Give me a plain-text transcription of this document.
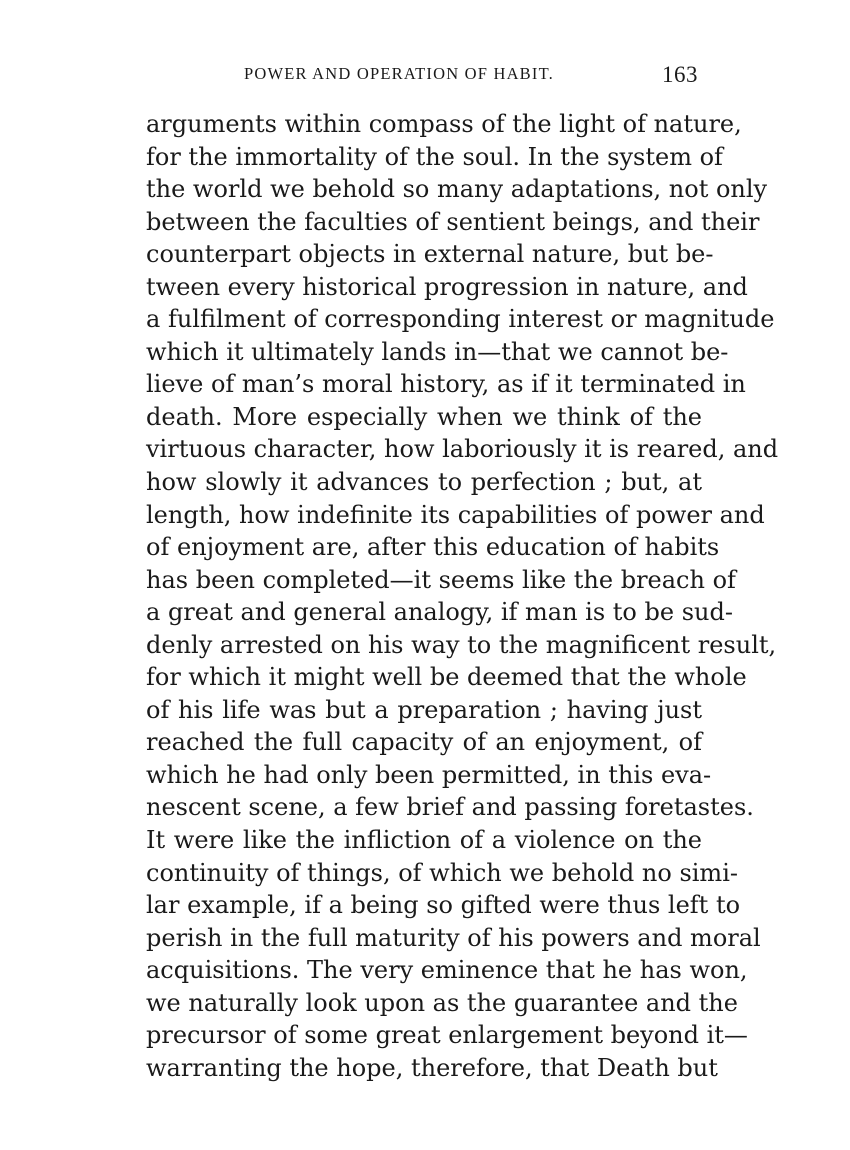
POWER AND OPERATION OF HABIT.	163
arguments within compass of the light of nature,
for the immortality of the soul. In the system of
the world we behold so many adaptations, not only
between the faculties of sentient beings, and their
counterpart objects in external nature, but be-
tween every historical progression in nature, and
a fulfilment of corresponding interest or magnitude
which it ultimately lands in—that we cannot be-
lieve of man’s moral history, as if it terminated in
death. More especially when we think of the
virtuous character, how laboriously it is reared, and
how slowly it advances to perfection ; but, at
length, how indefinite its capabilities of power and
of enjoyment are, after this education of habits
has been completed—it seems like the breach of
a great and general analogy, if man is to be sud-
denly arrested on his way to the magnificent result,
for which it might well be deemed that the whole
of his life was but a preparation ; having just
reached the full capacity of an enjoyment, of
which he had only been permitted, in this eva-
nescent scene, a few brief and passing foretastes.
It were like the infliction of a violence on the
continuity of things, of which we behold no simi-
lar example, if a being so gifted were thus left to
perish in the full maturity of his powers and moral
acquisitions. The very eminence that he has won,
we naturally look upon as the guarantee and the
precursor of some great enlargement beyond it—
warranting the hope, therefore, that Death but
